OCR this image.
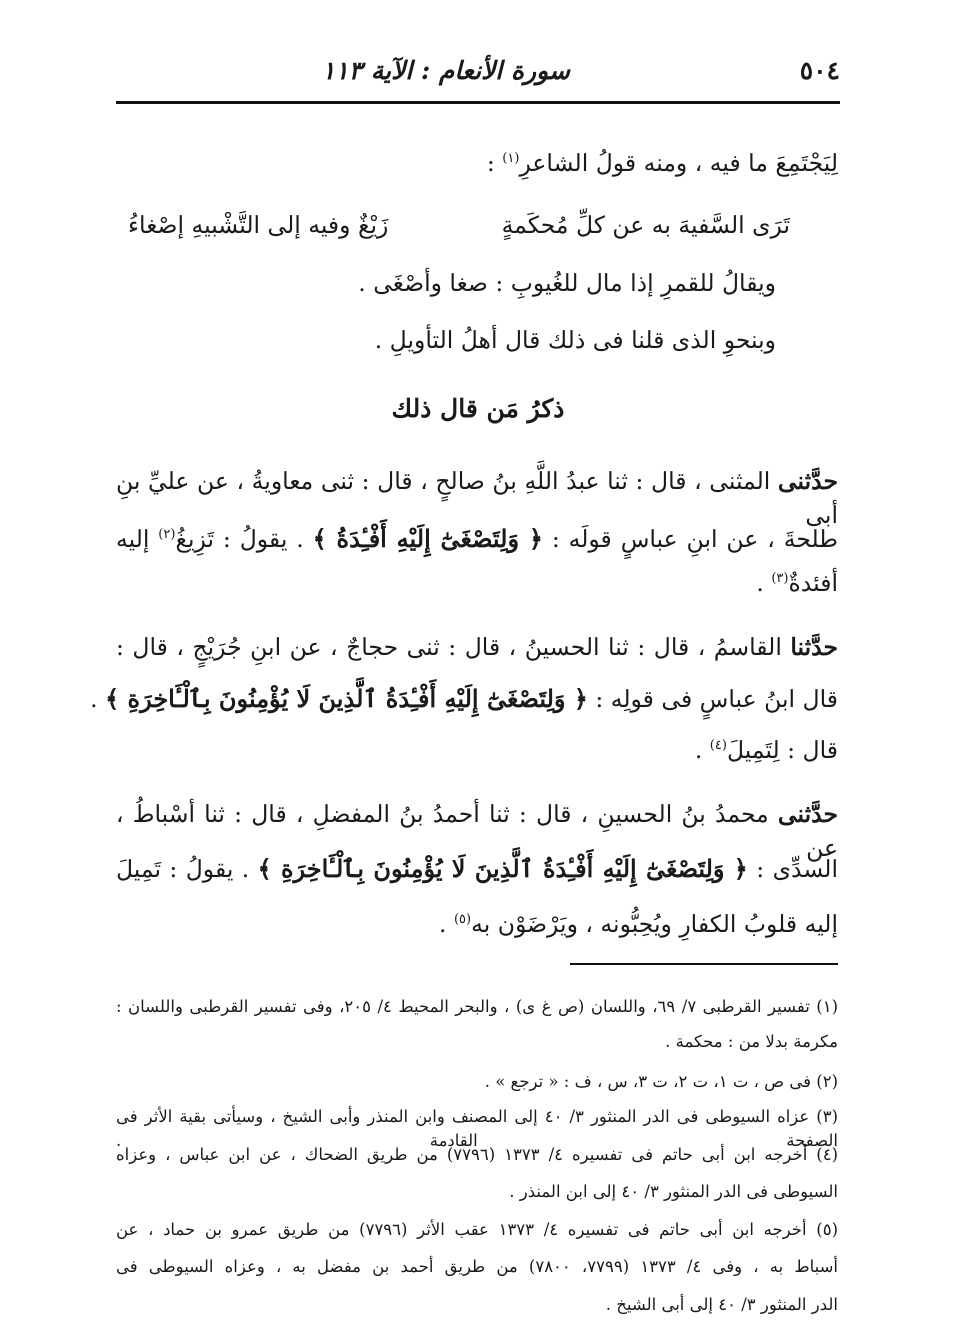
٥٠٤
سورة الأنعام : الآية ١١٣
لِيَجْتَمِعَ ما فيه ، ومنه قولُ الشاعرِ$^{(١)}$ :
تَرَى السَّفيهَ به عن كلِّ مُحكَمةٍ
زَيْغٌ وفيه إلى التَّشْبيهِ إصْغاءُ
ويقالُ للقمرِ إذا مال للغُيوبِ : صغا وأصْغَى .
وبنحوِ الذى قلنا فى ذلك قال أهلُ التأويلِ .
ذكرُ مَن قال ذلك
حدَّثنى المثنى ، قال : ثنا عبدُ اللَّهِ بنُ صالحٍ ، قال : ثنى معاويةُ ، عن عليِّ بنِ أبى
طلحةَ ، عن ابنِ عباسٍ قولَه : ﴿ وَلِتَصْغَىٰٓ إِلَيْهِ أَفْـِٔدَةُ ﴾ . يقولُ : تَزِيغُ$^{(٢)}$ إليه
أفئدةٌ$^{(٣)}$ .
حدَّثنا القاسمُ ، قال : ثنا الحسينُ ، قال : ثنى حجاجٌ ، عن ابنِ جُرَيْجٍ ، قال :
قال ابنُ عباسٍ فى قولِه : ﴿ وَلِتَصْغَىٰٓ إِلَيْهِ أَفْـِٔدَةُ ٱلَّذِينَ لَا يُؤْمِنُونَ بِٱلْـَٔاخِرَةِ ﴾ .
قال : لِتَمِيلَ$^{(٤)}$ .
حدَّثنى محمدُ بنُ الحسينِ ، قال : ثنا أحمدُ بنُ المفضلِ ، قال : ثنا أسْباطُ ، عن
السدِّى : ﴿ وَلِتَصْغَىٰٓ إِلَيْهِ أَفْـِٔدَةُ ٱلَّذِينَ لَا يُؤْمِنُونَ بِٱلْـَٔاخِرَةِ ﴾ . يقولُ : تَمِيلَ
إليه قلوبُ الكفارِ ويُحِبُّونه ، ويَرْضَوْن به$^{(٥)}$ .
(١) تفسير القرطبى ٧/ ٦٩، واللسان (ص غ ى) ، والبحر المحيط ٤/ ٢٠٥، وفى تفسير القرطبى واللسان :
مكرمة بدلا من : محكمة .
(٢) فى ص ، ت ١، ت ٢، ت ٣، س ، ف : « ترجع » .
(٣) عزاه السيوطى فى الدر المنثور ٣/ ٤٠ إلى المصنف وابن المنذر وأبى الشيخ ، وسيأتى بقية الأثر فى الصفحة القادمة .
(٤) أخرجه ابن أبى حاتم فى تفسيره ٤/ ١٣٧٣ (٧٧٩٦) من طريق الضحاك ، عن ابن عباس ، وعزاه
السيوطى فى الدر المنثور ٣/ ٤٠ إلى ابن المنذر .
(٥) أخرجه ابن أبى حاتم فى تفسيره ٤/ ١٣٧٣ عقب الأثر (٧٧٩٦) من طريق عمرو بن حماد ، عن
أسباط به ، وفى ٤/ ١٣٧٣ (٧٧٩٩، ٧٨٠٠) من طريق أحمد بن مفضل به ، وعزاه السيوطى فى
الدر المنثور ٣/ ٤٠ إلى أبى الشيخ .
